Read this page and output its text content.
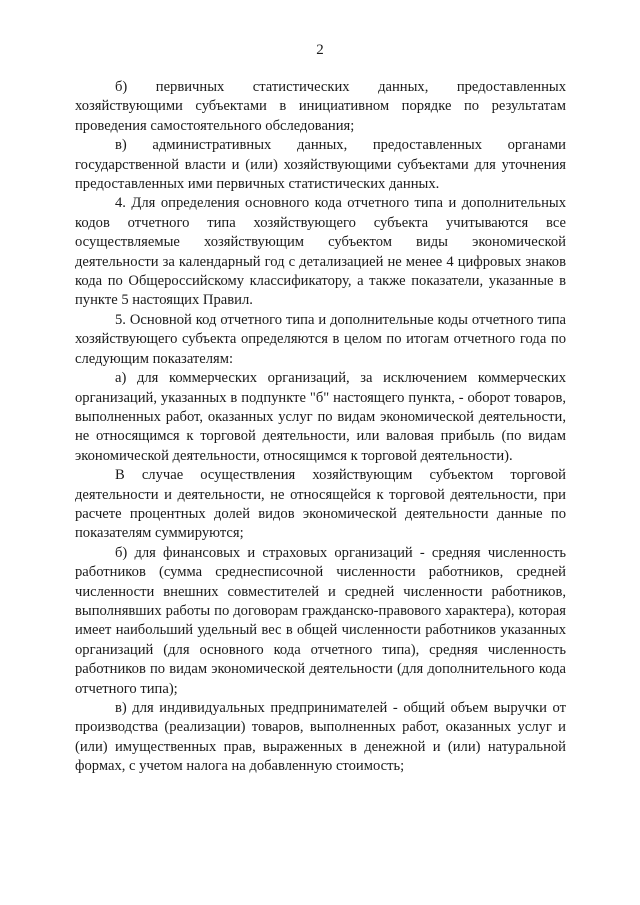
2

б) первичных статистических данных, предоставленных хозяйствующими субъектами в инициативном порядке по результатам проведения самостоятельного обследования;

в) административных данных, предоставленных органами государственной власти и (или) хозяйствующими субъектами для уточнения предоставленных ими первичных статистических данных.

4. Для определения основного кода отчетного типа и дополнительных кодов отчетного типа хозяйствующего субъекта учитываются все осуществляемые хозяйствующим субъектом виды экономической деятельности за календарный год с детализацией не менее 4 цифровых знаков кода по Общероссийскому классификатору, а также показатели, указанные в пункте 5 настоящих Правил.

5. Основной код отчетного типа и дополнительные коды отчетного типа хозяйствующего субъекта определяются в целом по итогам отчетного года по следующим показателям:

а) для коммерческих организаций, за исключением коммерческих организаций, указанных в подпункте "б" настоящего пункта, - оборот товаров, выполненных работ, оказанных услуг по видам экономической деятельности, не относящимся к торговой деятельности, или валовая прибыль (по видам экономической деятельности, относящимся к торговой деятельности).

В случае осуществления хозяйствующим субъектом торговой деятельности и деятельности, не относящейся к торговой деятельности, при расчете процентных долей видов экономической деятельности данные по показателям суммируются;

б) для финансовых и страховых организаций - средняя численность работников (сумма среднесписочной численности работников, средней численности внешних совместителей и средней численности работников, выполнявших работы по договорам гражданско-правового характера), которая имеет наибольший удельный вес в общей численности работников указанных организаций (для основного кода отчетного типа), средняя численность работников по видам экономической деятельности (для дополнительного кода отчетного типа);

в) для индивидуальных предпринимателей - общий объем выручки от производства (реализации) товаров, выполненных работ, оказанных услуг и (или) имущественных прав, выраженных в денежной и (или) натуральной формах, с учетом налога на добавленную стоимость;
